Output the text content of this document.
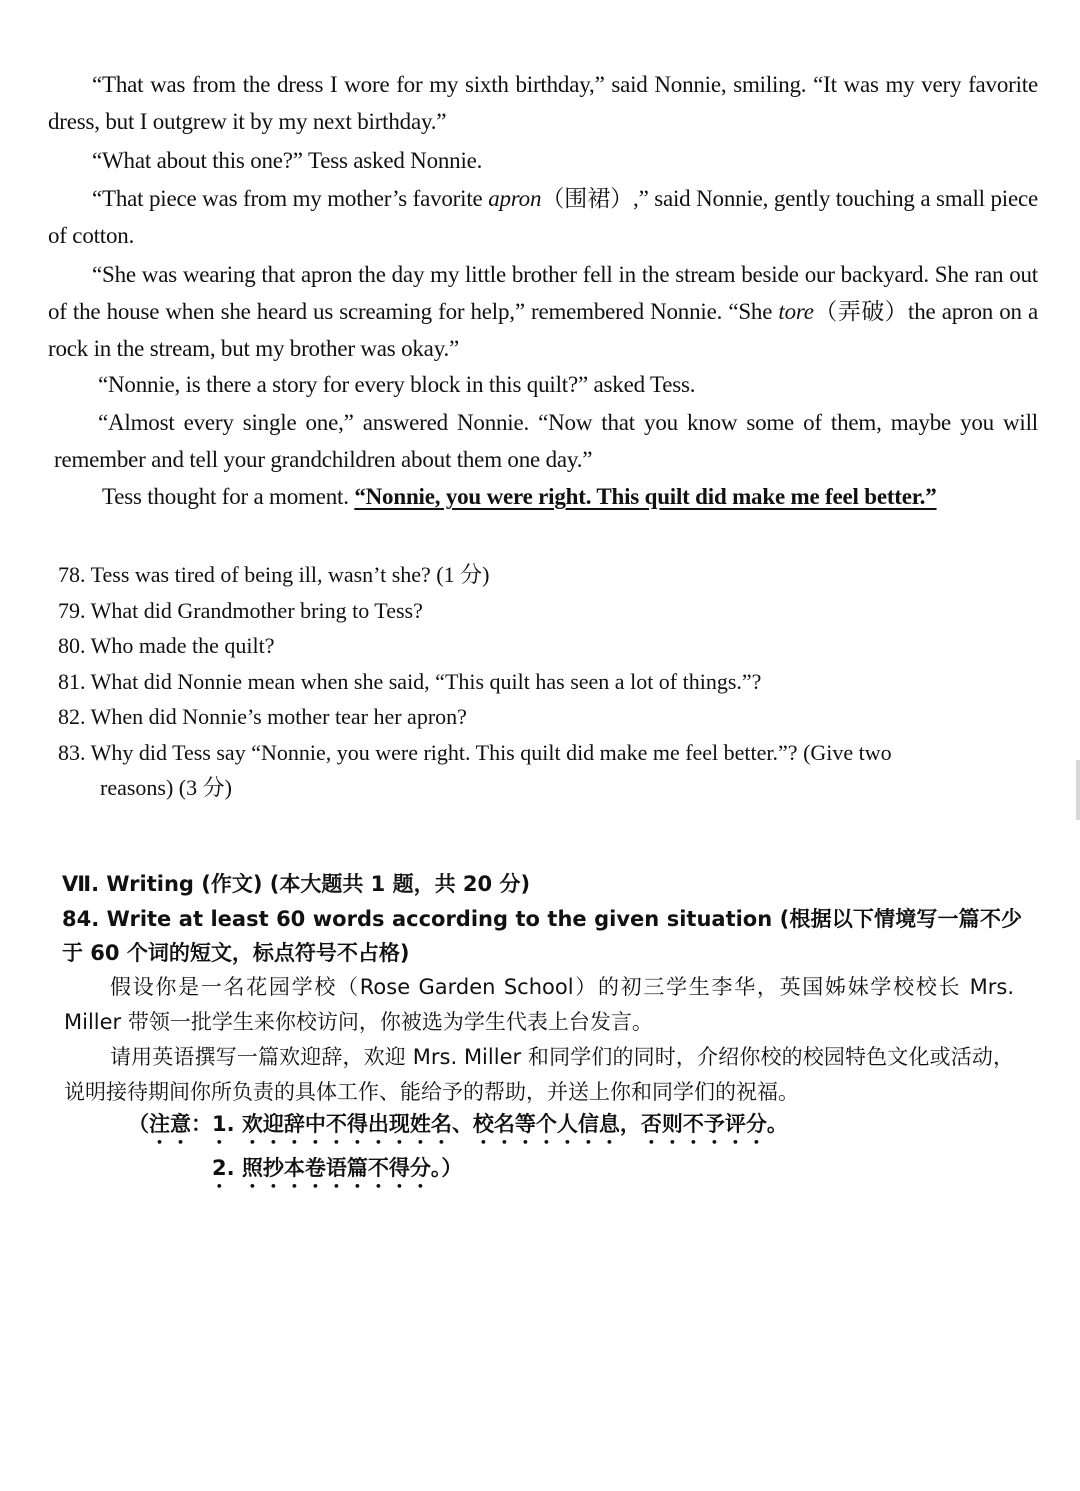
“That was from the dress I wore for my sixth birthday,” said Nonnie, smiling. “It was my very favorite dress, but I outgrew it by my next birthday.”
“What about this one?” Tess asked Nonnie.
“That piece was from my mother’s favorite apron（围裙）,” said Nonnie, gently touching a small piece of cotton.
“She was wearing that apron the day my little brother fell in the stream beside our backyard. She ran out of the house when she heard us screaming for help,” remembered Nonnie. “She tore（弄破）the apron on a rock in the stream, but my brother was okay.”
“Nonnie, is there a story for every block in this quilt?” asked Tess.
“Almost every single one,” answered Nonnie. “Now that you know some of them, maybe you will remember and tell your grandchildren about them one day.”
Tess thought for a moment. “Nonnie, you were right. This quilt did make me feel better.”
78. Tess was tired of being ill, wasn’t she? (1 分)
79. What did Grandmother bring to Tess?
80. Who made the quilt?
81. What did Nonnie mean when she said, “This quilt has seen a lot of things.”?
82. When did Nonnie’s mother tear her apron?
83. Why did Tess say “Nonnie, you were right. This quilt did make me feel better.”? (Give two
reasons) (3 分)
Ⅶ. Writing (作文) (本大题共 1 题，共 20 分)
84. Write at least 60 words according to the given situation (根据以下情境写一篇不少于 60 个词的短文，标点符号不占格)
假设你是一名花园学校（Rose Garden School）的初三学生李华，英国姊妹学校校长 Mrs. Miller 带领一批学生来你校访问，你被选为学生代表上台发言。
请用英语撰写一篇欢迎辞，欢迎 Mrs. Miller 和同学们的同时，介绍你校的校园特色文化或活动，说明接待期间你所负责的具体工作、能给予的帮助，并送上你和同学们的祝福。
（注意：1. 欢迎辞中不得出现姓名、校名等个人信息，否则不予评分。
2. 照抄本卷语篇不得分。）
